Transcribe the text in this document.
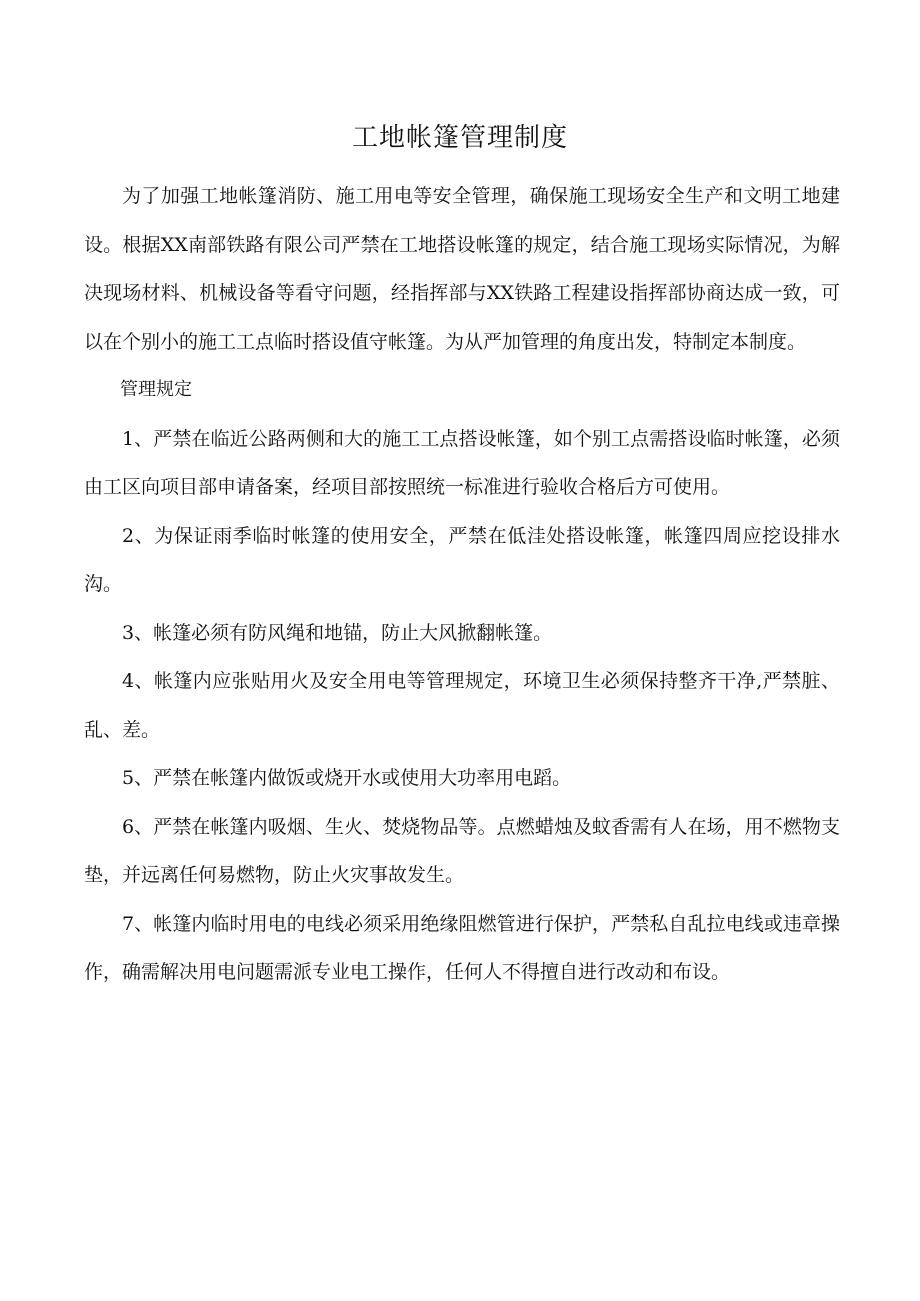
工地帐篷管理制度

为了加强工地帐篷消防、施工用电等安全管理，确保施工现场安全生产和文明工地建设。根据XX南部铁路有限公司严禁在工地搭设帐篷的规定，结合施工现场实际情况，为解决现场材料、机械设备等看守问题，经指挥部与XX铁路工程建设指挥部协商达成一致，可以在个别小的施工工点临时搭设值守帐篷。为从严加管理的角度出发，特制定本制度。

管理规定

1、严禁在临近公路两侧和大的施工工点搭设帐篷，如个别工点需搭设临时帐篷，必须由工区向项目部申请备案，经项目部按照统一标准进行验收合格后方可使用。

2、为保证雨季临时帐篷的使用安全，严禁在低洼处搭设帐篷，帐篷四周应挖设排水沟。

3、帐篷必须有防风绳和地锚，防止大风掀翻帐篷。

4、帐篷内应张贴用火及安全用电等管理规定，环境卫生必须保持整齐干净,严禁脏、乱、差。

5、严禁在帐篷内做饭或烧开水或使用大功率用电蹈。

6、严禁在帐篷内吸烟、生火、焚烧物品等。点燃蜡烛及蚊香需有人在场，用不燃物支垫，并远离任何易燃物，防止火灾事故发生。

7、帐篷内临时用电的电线必须采用绝缘阻燃管进行保护，严禁私自乱拉电线或违章操作，确需解决用电问题需派专业电工操作，任何人不得擅自进行改动和布设。
